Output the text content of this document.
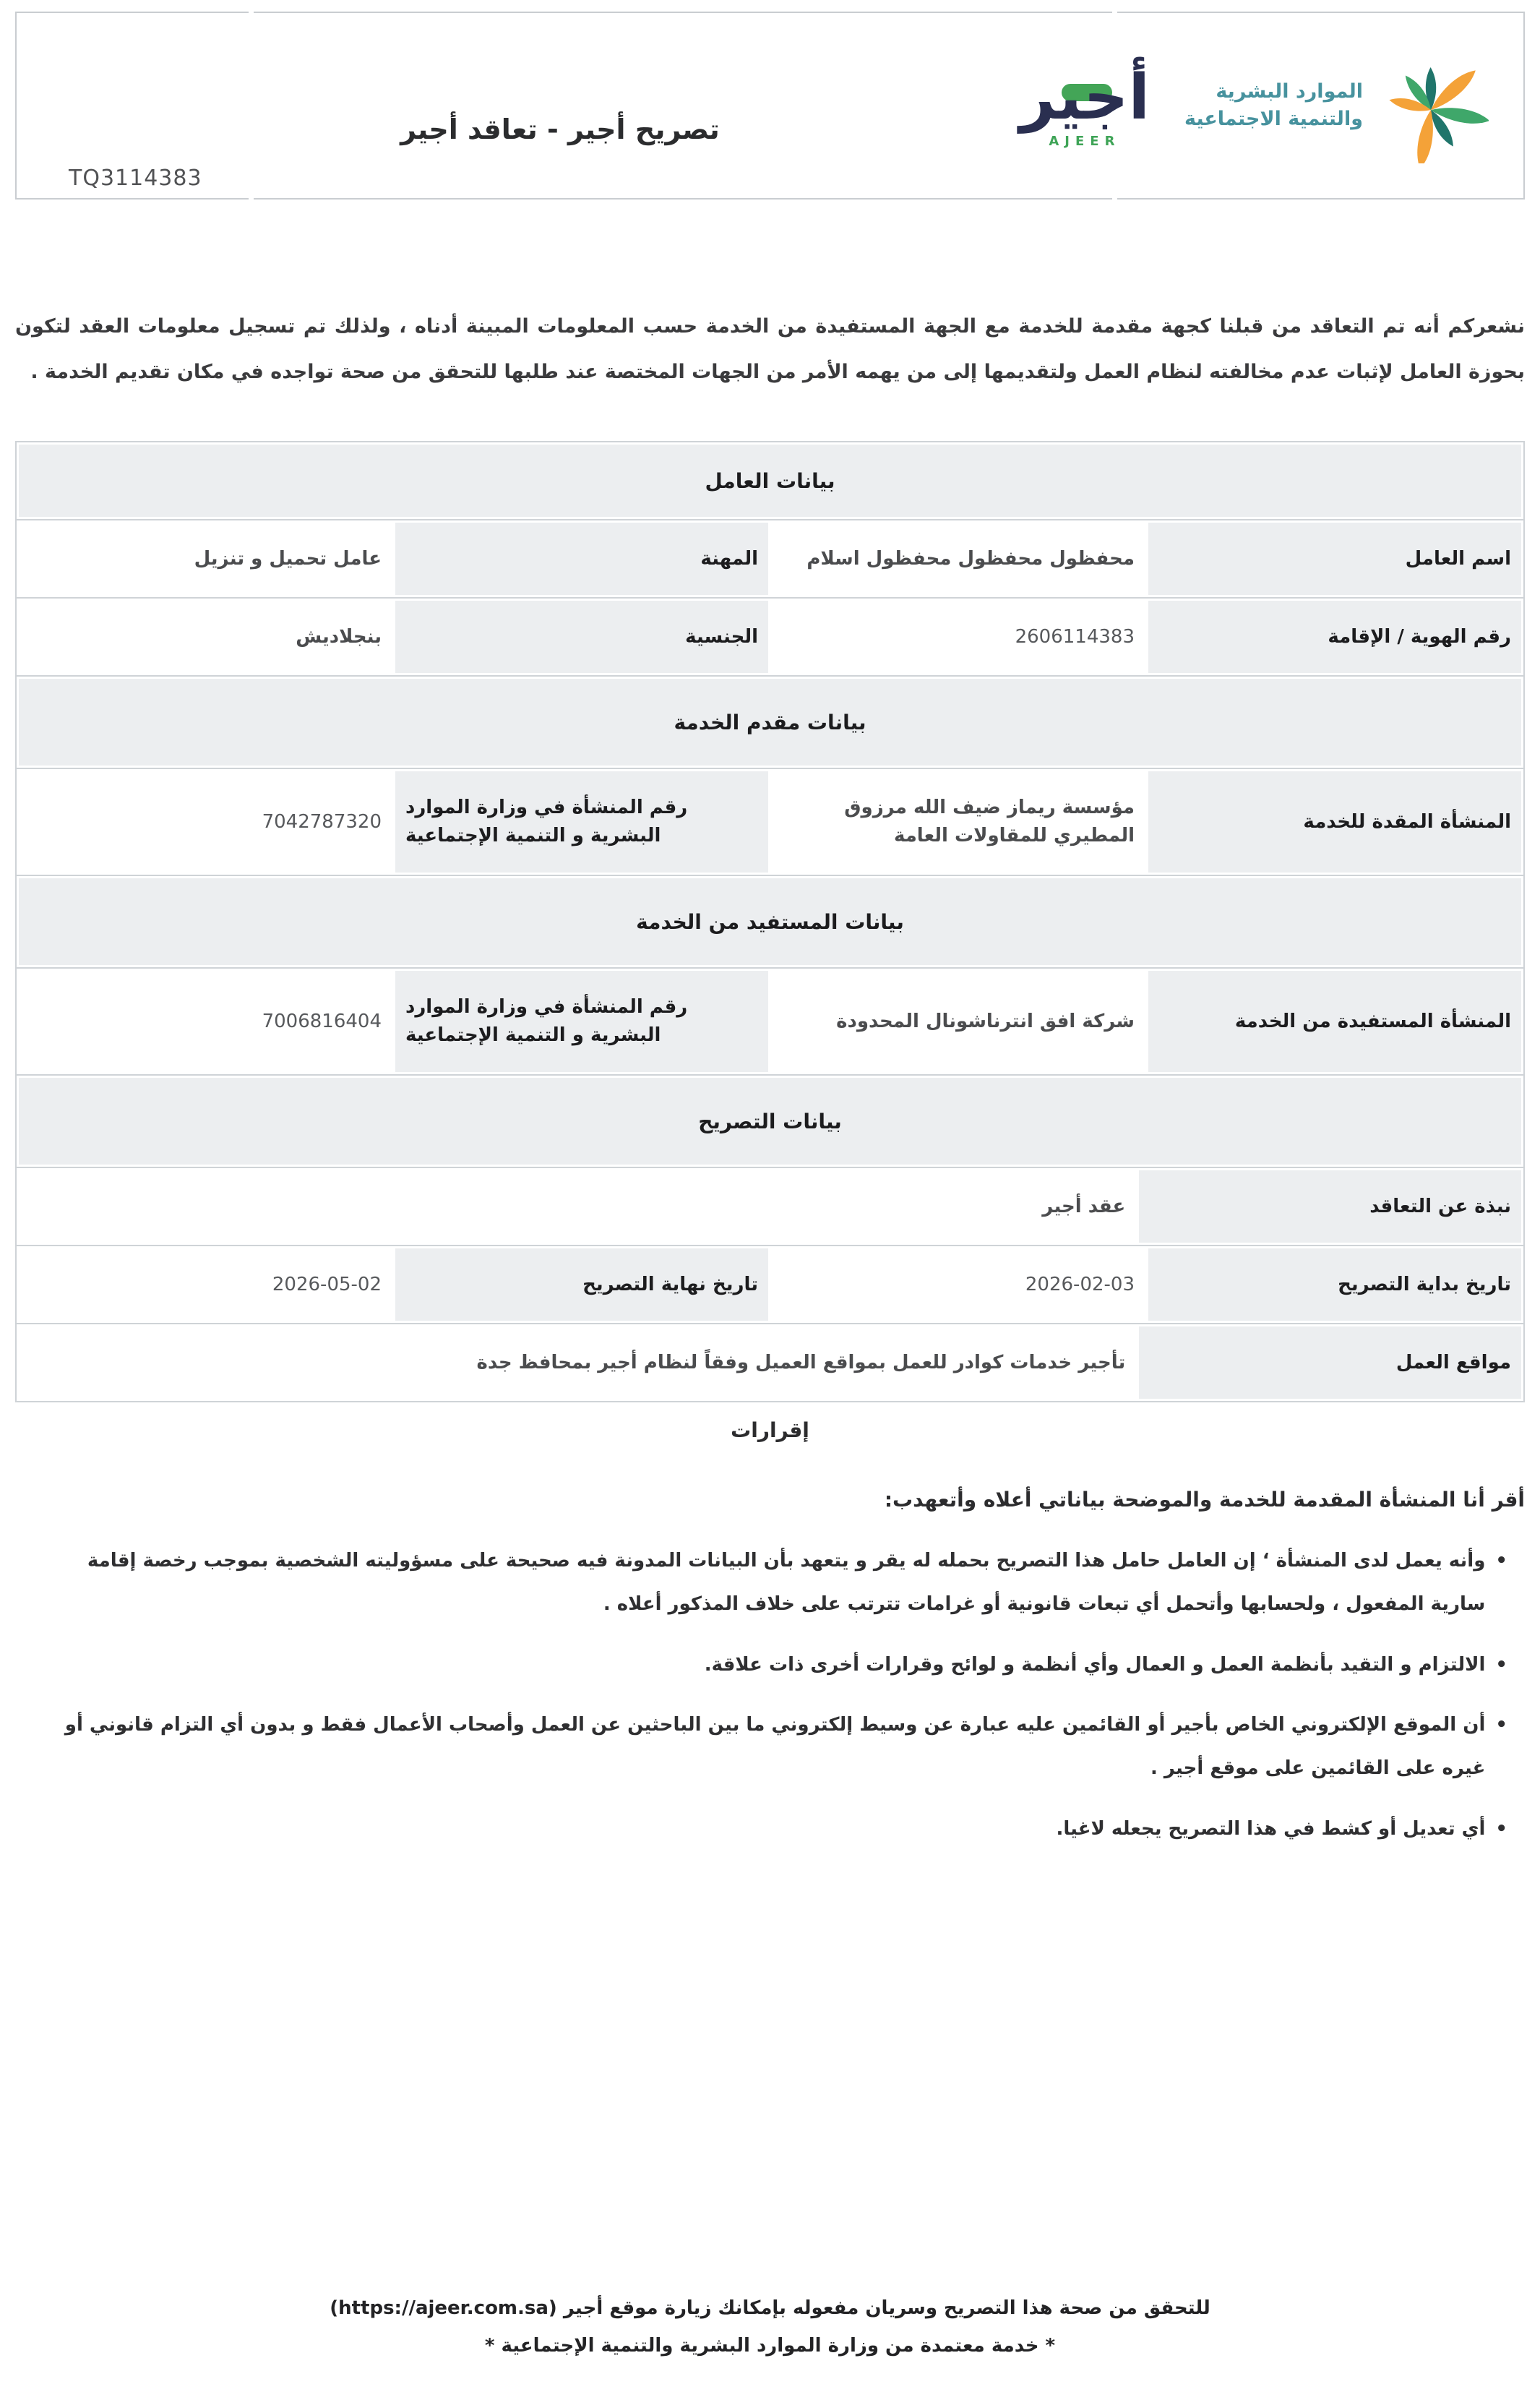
TQ3114383
تصريح أجير - تعاقد أجير	أجير
AJEER
الموارد البشرية
والتنمية الاجتماعية

نشعركم أنه تم التعاقد من قبلنا كجهة مقدمة للخدمة مع الجهة المستفيدة من الخدمة حسب المعلومات المبينة أدناه ، ولذلك تم تسجيل معلومات العقد لتكون بحوزة العامل لإثبات عدم مخالفته لنظام العمل ولتقديمها إلى من يهمه الأمر من الجهات المختصة عند طلبها للتحقق من صحة تواجده في مكان تقديم الخدمة .

بيانات العامل
اسم العامل
محفظول محفظول محفظول اسلام
المهنة
عامل تحميل و تنزيل
رقم الهوية / الإقامة
2606114383
الجنسية
بنجلاديش
بيانات مقدم الخدمة
المنشأة المقدة للخدمة
مؤسسة ريماز ضيف الله مرزوق المطيري للمقاولات العامة
رقم المنشأة في وزارة الموارد البشرية و التنمية الإجتماعية
7042787320
بيانات المستفيد من الخدمة
المنشأة المستفيدة من الخدمة
شركة افق انترناشونال المحدودة
رقم المنشأة في وزارة الموارد البشرية و التنمية الإجتماعية
7006816404
بيانات التصريح
نبذة عن التعاقد
عقد أجير
تاريخ بداية التصريح
2026-02-03
تاريخ نهاية التصريح
2026-05-02
مواقع العمل
تأجير خدمات كوادر للعمل بمواقع العميل وفقاً لنظام أجير بمحافظ جدة
إقرارات
أقر أنا المنشأة المقدمة للخدمة والموضحة بياناتي أعلاه وأتعهدب:
•
وأنه يعمل لدى المنشأة ‘ إن العامل حامل هذا التصريح بحمله له يقر و يتعهد بأن البيانات المدونة فيه صحيحة على مسؤوليته الشخصية بموجب رخصة إقامة سارية المفعول ، ولحسابها وأتحمل أي تبعات قانونية أو غرامات تترتب على خلاف المذكور أعلاه .
•
الالتزام و التقيد بأنظمة العمل و العمال وأي أنظمة و لوائح وقرارات أخرى ذات علاقة.
•
أن الموقع الإلكتروني الخاص بأجير أو القائمين عليه عبارة عن وسيط إلكتروني ما بين الباحثين عن العمل وأصحاب الأعمال فقط و بدون أي التزام قانوني أو غيره على القائمين على موقع أجير .
•
أي تعديل أو كشط في هذا التصريح يجعله لاغيا.
للتحقق من صحة هذا التصريح وسريان مفعوله بإمكانك زيارة موقع أجير (https://ajeer.com.sa)
* خدمة معتمدة من وزارة الموارد البشرية والتنمية الإجتماعية *
